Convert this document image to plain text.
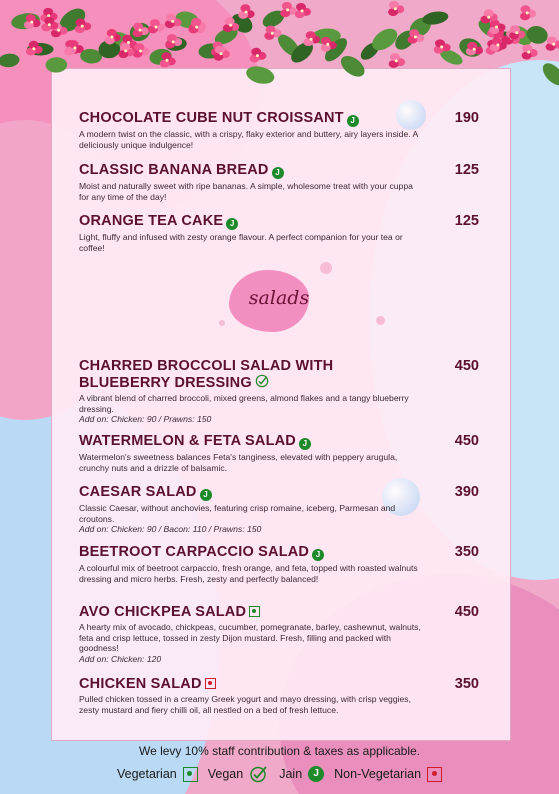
CHOCOLATE CUBE NUT CROISSANT J
A modern twist on the classic, with a crispy, flaky exterior and buttery, airy layers inside. A deliciously unique indulgence!
190
CLASSIC BANANA BREAD J
Moist and naturally sweet with ripe bananas. A simple, wholesome treat with your cuppa for any time of the day!
125
ORANGE TEA CAKE J
Light, fluffy and infused with zesty orange flavour. A perfect companion for your tea or coffee!
125
salads
CHARRED BROCCOLI SALAD WITH BLUEBERRY DRESSING
A vibrant blend of charred broccoli, mixed greens, almond flakes and a tangy blueberry dressing.
Add on: Chicken: 90 / Prawns: 150
450
WATERMELON & FETA SALAD J
Watermelon's sweetness balances Feta's tanginess, elevated with peppery arugula, crunchy nuts and a drizzle of balsamic.
450
CAESAR SALAD J
Classic Caesar, without anchovies, featuring crisp romaine, iceberg, Parmesan and croutons.
Add on: Chicken: 90 / Bacon: 110 / Prawns: 150
390
BEETROOT CARPACCIO SALAD J
A colourful mix of beetroot carpaccio, fresh orange, and feta, topped with roasted walnuts dressing and micro herbs. Fresh, zesty and perfectly balanced!
350
AVO CHICKPEA SALAD
A hearty mix of avocado, chickpeas, cucumber, pomegranate, barley, cashewnut, walnuts, feta and crisp lettuce, tossed in zesty Dijon mustard. Fresh, filling and packed with goodness!
Add on: Chicken: 120
450
CHICKEN SALAD
Pulled chicken tossed in a creamy Greek yogurt and mayo dressing, with crisp veggies, zesty mustard and fiery chilli oil, all nestled on a bed of fresh lettuce.
350
We levy 10% staff contribution & taxes as applicable.
Vegetarian Vegan	Jain	J	Non-Vegetarian
